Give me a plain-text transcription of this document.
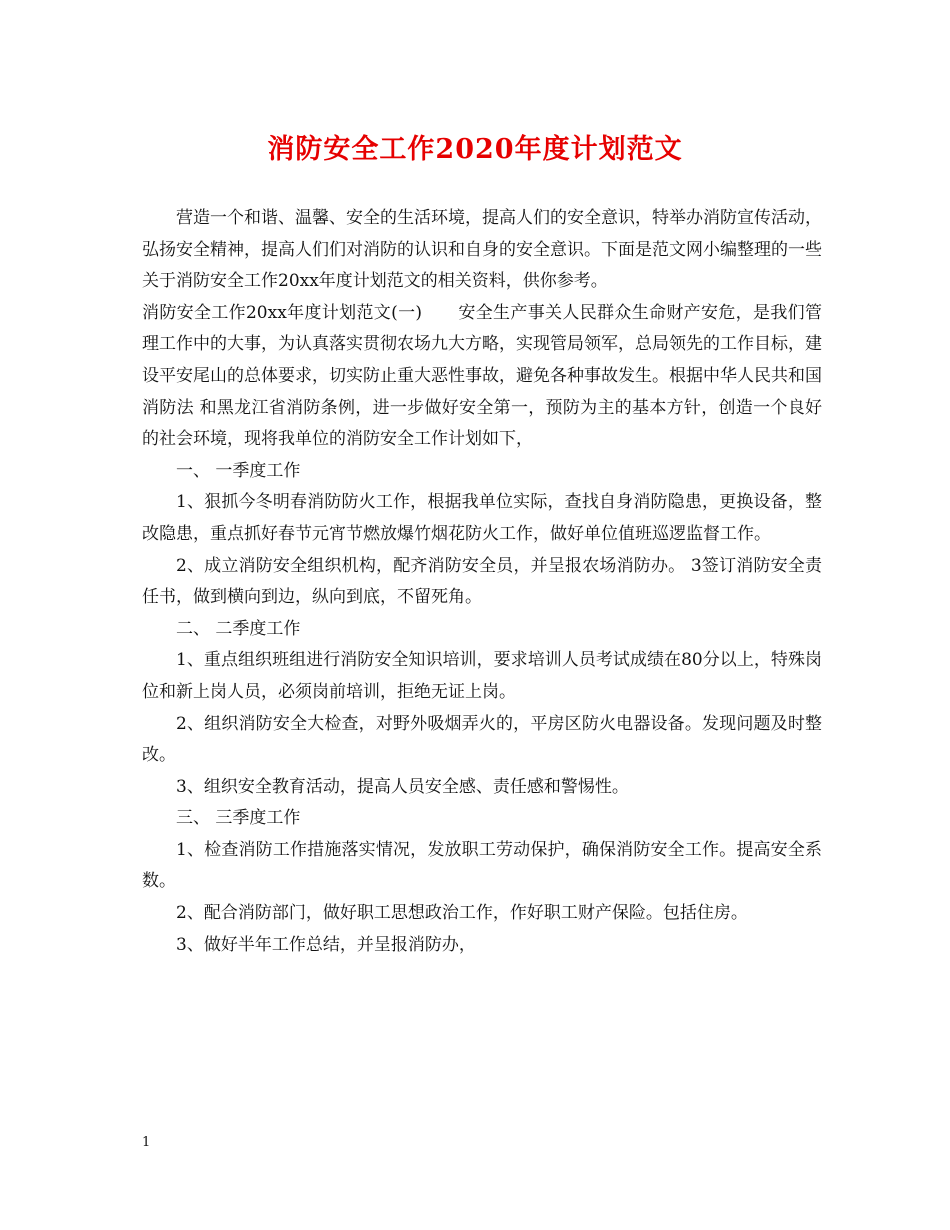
消防安全工作2020年度计划范文

营造一个和谐、温馨、安全的生活环境，提高人们的安全意识，特举办消防宣传活动，弘扬安全精神，提高人们们对消防的认识和自身的安全意识。下面是范文网小编整理的一些关于消防安全工作20xx年度计划范文的相关资料，供你参考。

消防安全工作20xx年度计划范文(一) 安全生产事关人民群众生命财产安危，是我们管理工作中的大事，为认真落实贯彻农场九大方略，实现管局领军，总局领先的工作目标，建设平安尾山的总体要求，切实防止重大恶性事故，避免各种事故发生。根据中华人民共和国消防法 和黑龙江省消防条例，进一步做好安全第一，预防为主的基本方针，创造一个良好的社会环境，现将我单位的消防安全工作计划如下，

一、 一季度工作

1、狠抓今冬明春消防防火工作，根据我单位实际，查找自身消防隐患，更换设备，整改隐患，重点抓好春节元宵节燃放爆竹烟花防火工作，做好单位值班巡逻监督工作。

2、成立消防安全组织机构，配齐消防安全员，并呈报农场消防办。 3签订消防安全责任书，做到横向到边，纵向到底，不留死角。

二、 二季度工作

1、重点组织班组进行消防安全知识培训，要求培训人员考试成绩在80分以上，特殊岗位和新上岗人员，必须岗前培训，拒绝无证上岗。

2、组织消防安全大检查，对野外吸烟弄火的，平房区防火电器设备。发现问题及时整改。

3、组织安全教育活动，提高人员安全感、责任感和警惕性。

三、 三季度工作

1、检查消防工作措施落实情况，发放职工劳动保护，确保消防安全工作。提高安全系数。

2、配合消防部门，做好职工思想政治工作，作好职工财产保险。包括住房。

3、做好半年工作总结，并呈报消防办，

1
